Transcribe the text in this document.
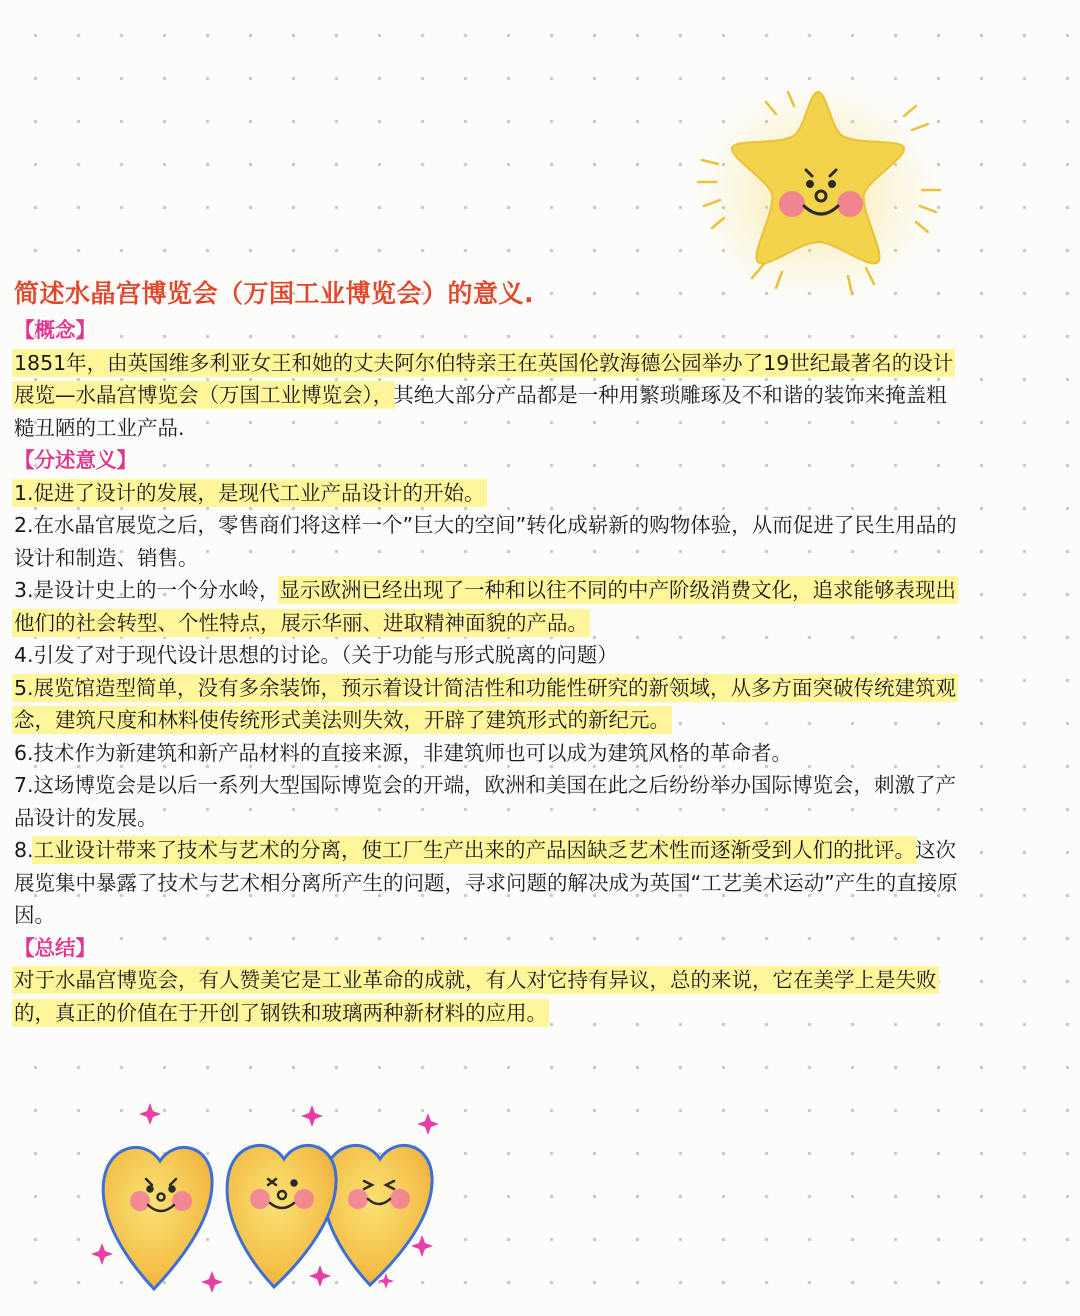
简述水晶宫博览会（万国工业博览会）的意义.
【概念】
1851年，由英国维多利亚女王和她的丈夫阿尔伯特亲王在英国伦敦海德公园举办了19世纪最著名的设计
展览—水晶宫博览会（万国工业博览会），其绝大部分产品都是一种用繁琐雕琢及不和谐的装饰来掩盖粗
糙丑陋的工业产品.
【分述意义】
1.促进了设计的发展，是现代工业产品设计的开始。
2.在水晶官展览之后，零售商们将这样一个”巨大的空间”转化成崭新的购物体验，从而促进了民生用品的
设计和制造、销售。
3.是设计史上的一个分水岭，显示欧洲已经出现了一种和以往不同的中产阶级消费文化，追求能够表现出
他们的社会转型、个性特点，展示华丽、进取精神面貌的产品。
4.引发了对于现代设计思想的讨论。（关于功能与形式脱离的问题）
5.展览馆造型简单，没有多余装饰，预示着设计简洁性和功能性研究的新领域，从多方面突破传统建筑观
念，建筑尺度和林料使传统形式美法则失效，开辟了建筑形式的新纪元。
6.技术作为新建筑和新产品材料的直接来源，非建筑师也可以成为建筑风格的革命者。
7.这场博览会是以后一系列大型国际博览会的开端，欧洲和美国在此之后纷纷举办国际博览会，刺激了产
品设计的发展。
8.工业设计带来了技术与艺术的分离，使工厂生产出来的产品因缺乏艺术性而逐渐受到人们的批评。这次
展览集中暴露了技术与艺术相分离所产生的问题，寻求问题的解决成为英国“工艺美术运动”产生的直接原
因。
【总结】
对于水晶宫博览会，有人赞美它是工业革命的成就，有人对它持有异议，总的来说，它在美学上是失败
的，真正的价值在于开创了钢铁和玻璃两种新材料的应用。
